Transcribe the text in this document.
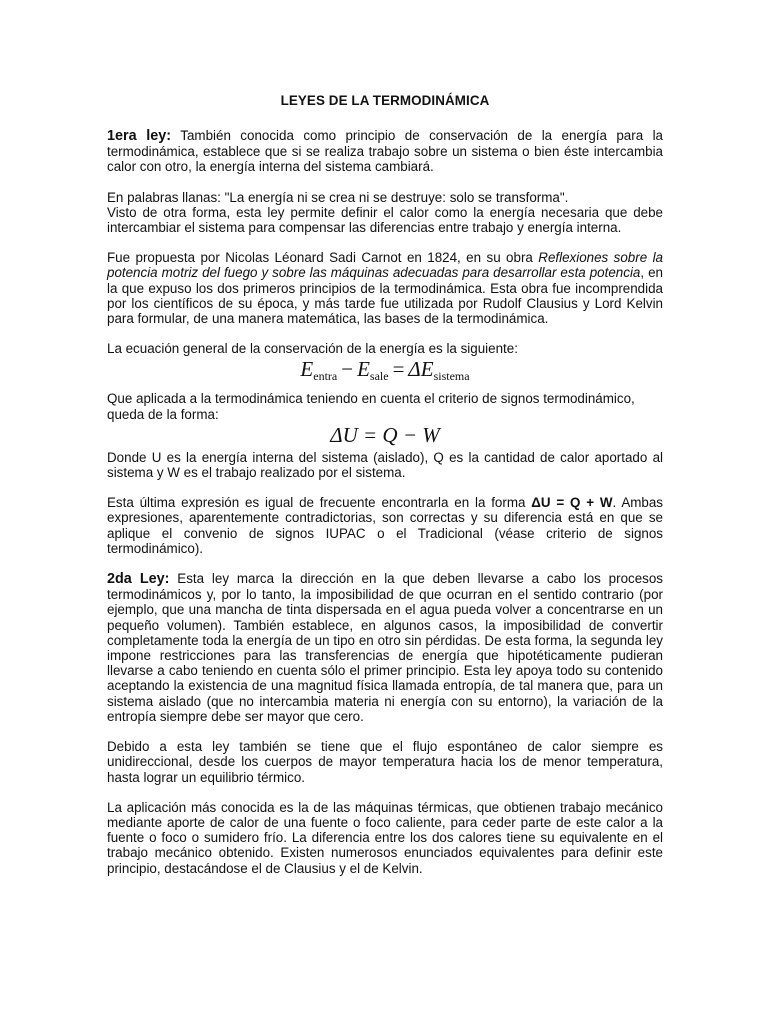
LEYES DE LA TERMODINÁMICA

1era ley: También conocida como principio de conservación de la energía para la termodinámica, establece que si se realiza trabajo sobre un sistema o bien éste intercambia calor con otro, la energía interna del sistema cambiará.

En palabras llanas: "La energía ni se crea ni se destruye: solo se transforma".

Visto de otra forma, esta ley permite definir el calor como la energía necesaria que debe intercambiar el sistema para compensar las diferencias entre trabajo y energía interna.

Fue propuesta por Nicolas Léonard Sadi Carnot en 1824, en su obra Reflexiones sobre la potencia motriz del fuego y sobre las máquinas adecuadas para desarrollar esta potencia, en la que expuso los dos primeros principios de la termodinámica. Esta obra fue incomprendida por los científicos de su época, y más tarde fue utilizada por Rudolf Clausius y Lord Kelvin para formular, de una manera matemática, las bases de la termodinámica.

La ecuación general de la conservación de la energía es la siguiente:

$E_{entra} - E_{sale} = \Delta E_{sistema}$

Que aplicada a la termodinámica teniendo en cuenta el criterio de signos termodinámico, queda de la forma:

ΔU = Q − W

Donde U es la energía interna del sistema (aislado), Q es la cantidad de calor aportado al sistema y W es el trabajo realizado por el sistema.

Esta última expresión es igual de frecuente encontrarla en la forma ΔU = Q + W. Ambas expresiones, aparentemente contradictorias, son correctas y su diferencia está en que se aplique el convenio de signos IUPAC o el Tradicional (véase criterio de signos termodinámico).

2da Ley: Esta ley marca la dirección en la que deben llevarse a cabo los procesos termodinámicos y, por lo tanto, la imposibilidad de que ocurran en el sentido contrario (por ejemplo, que una mancha de tinta dispersada en el agua pueda volver a concentrarse en un pequeño volumen). También establece, en algunos casos, la imposibilidad de convertir completamente toda la energía de un tipo en otro sin pérdidas. De esta forma, la segunda ley impone restricciones para las transferencias de energía que hipotéticamente pudieran llevarse a cabo teniendo en cuenta sólo el primer principio. Esta ley apoya todo su contenido aceptando la existencia de una magnitud física llamada entropía, de tal manera que, para un sistema aislado (que no intercambia materia ni energía con su entorno), la variación de la entropía siempre debe ser mayor que cero.

Debido a esta ley también se tiene que el flujo espontáneo de calor siempre es unidireccional, desde los cuerpos de mayor temperatura hacia los de menor temperatura, hasta lograr un equilibrio térmico.

La aplicación más conocida es la de las máquinas térmicas, que obtienen trabajo mecánico mediante aporte de calor de una fuente o foco caliente, para ceder parte de este calor a la fuente o foco o sumidero frío. La diferencia entre los dos calores tiene su equivalente en el trabajo mecánico obtenido. Existen numerosos enunciados equivalentes para definir este principio, destacándose el de Clausius y el de Kelvin.
